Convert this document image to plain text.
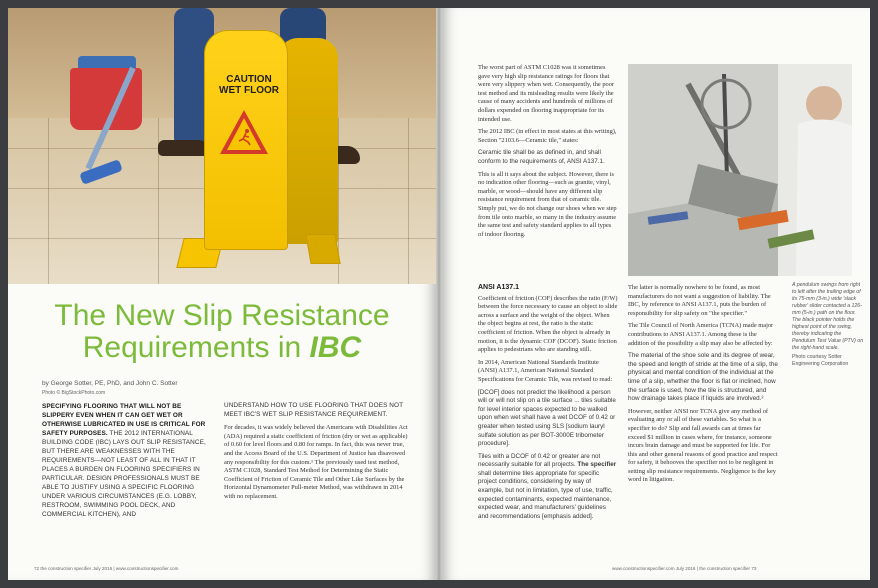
CAUTION
WET FLOOR
The New Slip Resistance
Requirements in IBC
by George Sotter, PE, PhD, and John C. Sotter
Photo © BigStockPhoto.com
SPECIFYING FLOORING THAT WILL NOT BE SLIPPERY EVEN WHEN IT CAN GET WET OR OTHERWISE LUBRICATED IN USE IS CRITICAL FOR SAFETY PURPOSES. THE 2012 INTERNATIONAL BUILDING CODE (IBC) LAYS OUT SLIP RESISTANCE, BUT THERE ARE WEAKNESSES WITH THE REQUIREMENTS—NOT LEAST OF ALL IN THAT IT PLACES A BURDEN ON FLOORING SPECIFIERS IN PARTICULAR. DESIGN PROFESSIONALS MUST BE ABLE TO JUSTIFY USING A SPECIFIC FLOORING UNDER VARIOUS CIRCUMSTANCES (E.G. LOBBY, RESTROOM, SWIMMING POOL DECK, AND COMMERCIAL KITCHEN), AND

UNDERSTAND HOW TO USE FLOORING THAT DOES NOT MEET IBC'S WET SLIP RESISTANCE REQUIREMENT.

For decades, it was widely believed the Americans with Disabilities Act (ADA) required a static coefficient of friction (dry or wet as applicable) of 0.60 for level floors and 0.80 for ramps. In fact, this was never true, and the Access Board of the U.S. Department of Justice has disavowed any responsibility for this custom.¹ The previously used test method, ASTM C1028, Standard Test Method for Determining the Static Coefficient of Friction of Ceramic Tile and Other Like Surfaces by the Horizontal Dynamometer Pull-meter Method, was withdrawn in 2014 with no replacement.

72 the construction specifier July 2016 | www.constructionspecifier.com

The worst part of ASTM C1028 was it sometimes gave very high slip resistance ratings for floors that were very slippery when wet. Consequently, the poor test method and its misleading results were likely the cause of many accidents and hundreds of millions of dollars expended on flooring inappropriate for its intended use.

The 2012 IBC (in effect in most states at this writing), Section "2103.6—Ceramic tile," states:

Ceramic tile shall be as defined in, and shall conform to the requirements of, ANSI A137.1.

This is all it says about the subject. However, there is no indication other flooring—such as granite, vinyl, marble, or wood—should have any different slip resistance requirement from that of ceramic tile. Simply put, we do not change our shoes when we step from tile onto marble, so many in the industry assume the same test and safety standard applies to all types of indoor flooring.

ANSI A137.1

Coefficient of friction (COF) describes the ratio (F/W) between the force necessary to cause an object to slide across a surface and the weight of the object. When the object begins at rest, the ratio is the static coefficient of friction. When the object is already in motion, it is the dynamic COF (DCOF). Static friction applies to pedestrians who are standing still.

In 2014, American National Standards Institute (ANSI) A137.1, American National Standard Specifications for Ceramic Tile, was revised to read:

[DCOF] does not predict the likelihood a person will or will not slip on a tile surface ... tiles suitable for level interior spaces expected to be walked upon when wet shall have a wet DCOF of 0.42 or greater when tested using SLS [sodium lauryl sulfate solution as per BOT-3000E tribometer procedure].

Tiles with a DCOF of 0.42 or greater are not necessarily suitable for all projects. The specifier shall determine tiles appropriate for specific project conditions, considering by way of example, but not in limitation, type of use, traffic, expected contaminants, expected maintenance, expected wear, and manufacturers' guidelines and recommendations [emphasis added].

The latter is normally nowhere to be found, as most manufacturers do not want a suggestion of liability. The IBC, by reference to ANSI A137.1, puts the burden of responsibility for slip safety on "the specifier."

The Tile Council of North America (TCNA) made major contributions to ANSI A137.1. Among these is the addition of the possibility a slip may also be affected by:

The material of the shoe sole and its degree of wear, the speed and length of stride at the time of a slip, the physical and mental condition of the individual at the time of a slip, whether the floor is flat or inclined, how the surface is used, how the tile is structured, and how drainage takes place if liquids are involved.²

However, neither ANSI nor TCNA give any method of evaluating any or all of these variables. So what is a specifier to do? Slip and fall awards can at times far exceed $1 million in cases where, for instance, someone incurs brain damage and must be supported for life. For this and other general reasons of good practice and respect for safety, it behooves the specifier not to be negligent in setting slip resistance requirements. Negligence is the key word in litigation.

A pendulum swings from right to left after the trailing edge of its 75-mm (3-in.) wide 'slack rubber' slider contacted a 126-mm (5-in.) path on the floor. The black pointer holds the highest point of the swing, thereby indicating the Pendulum Test Value (PTV) on the right-hand scale.
Photo courtesy Sotter Engineering Corporation
www.constructionspecifier.com July 2016 | the construction specifier 73
